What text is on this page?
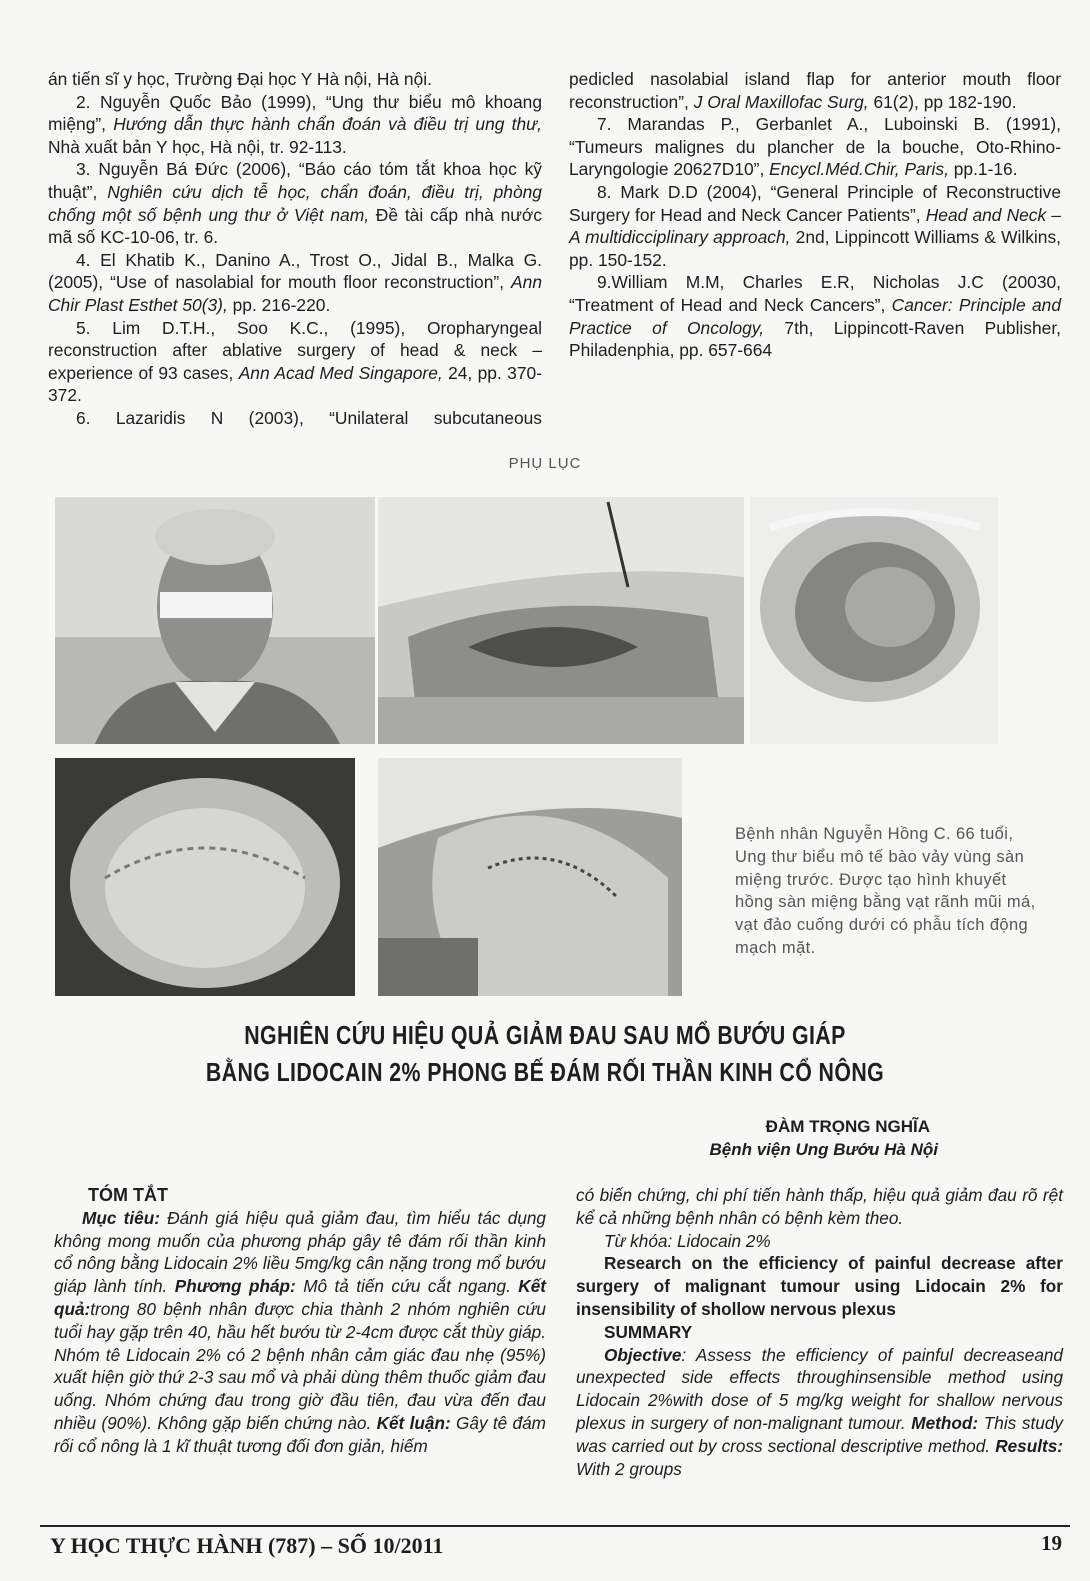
án tiến sĩ y học, Trường Đại học Y Hà nội, Hà nội.

2. Nguyễn Quốc Bảo (1999), “Ung thư biểu mô khoang miệng”, Hướng dẫn thực hành chẩn đoán và điều trị ung thư, Nhà xuất bản Y học, Hà nội, tr. 92-113.

3. Nguyễn Bá Đức (2006), “Báo cáo tóm tắt khoa học kỹ thuật”, Nghiên cứu dịch tễ học, chẩn đoán, điều trị, phòng chống một số bệnh ung thư ở Việt nam, Đề tài cấp nhà nước mã số KC-10-06, tr. 6.

4. El Khatib K., Danino A., Trost O., Jidal B., Malka G. (2005), “Use of nasolabial for mouth floor reconstruction”, Ann Chir Plast Esthet 50(3), pp. 216-220.

5. Lim D.T.H., Soo K.C., (1995), Oropharyngeal reconstruction after ablative surgery of head & neck – experience of 93 cases, Ann Acad Med Singapore, 24, pp. 370-372.

6. Lazaridis N (2003), “Unilateral subcutaneous

pedicled nasolabial island flap for anterior mouth floor reconstruction”, J Oral Maxillofac Surg, 61(2), pp 182-190.

7. Marandas P., Gerbanlet A., Luboinski B. (1991), “Tumeurs malignes du plancher de la bouche, Oto-Rhino-Laryngologie 20627D10”, Encycl.Méd.Chir, Paris, pp.1-16.

8. Mark D.D (2004), “General Principle of Reconstructive Surgery for Head and Neck Cancer Patients”, Head and Neck – A multidicciplinary approach, 2nd, Lippincott Williams & Wilkins, pp. 150-152.

9.William M.M, Charles E.R, Nicholas J.C (20030, “Treatment of Head and Neck Cancers”, Cancer: Principle and Practice of Oncology, 7th, Lippincott-Raven Publisher, Philadenphia, pp. 657-664

PHỤ LỤC
Bệnh nhân Nguyễn Hồng C. 66 tuổi, Ung thư biểu mô tế bào vảy vùng sàn miệng trước. Được tạo hình khuyết hồng sàn miệng bằng vạt rãnh mũi má, vạt đảo cuống dưới có phẫu tích động mạch mặt.
NGHIÊN CỨU HIỆU QUẢ GIẢM ĐAU SAU MỔ BƯỚU GIÁP
BẰNG LIDOCAIN 2% PHONG BẾ ĐÁM RỐI THẦN KINH CỔ NÔNG
ĐÀM TRỌNG NGHĨA
Bệnh viện Ung Bướu Hà Nội

TÓM TẮT

Mục tiêu: Đánh giá hiệu quả giảm đau, tìm hiểu tác dụng không mong muốn của phương pháp gây tê đám rối thần kinh cổ nông bằng Lidocain 2% liều 5mg/kg cân nặng trong mổ bướu giáp lành tính. Phương pháp: Mô tả tiến cứu cắt ngang. Kết quả:trong 80 bệnh nhân được chia thành 2 nhóm nghiên cứu tuổi hay gặp trên 40, hầu hết bướu từ 2-4cm được cắt thùy giáp. Nhóm tê Lidocain 2% có 2 bệnh nhân cảm giác đau nhẹ (95%) xuất hiện giờ thứ 2-3 sau mổ và phải dùng thêm thuốc giảm đau uống. Nhóm chứng đau trong giờ đầu tiên, đau vừa đến đau nhiều (90%). Không gặp biến chứng nào. Kết luận: Gây tê đám rối cổ nông là 1 kĩ thuật tương đối đơn giản, hiếm

có biến chứng, chi phí tiến hành thấp, hiệu quả giảm đau rõ rệt kể cả những bệnh nhân có bệnh kèm theo.

Từ khóa: Lidocain 2%

Research on the efficiency of painful decrease after surgery of malignant tumour using Lidocain 2% for insensibility of shollow nervous plexus

SUMMARY

Objective: Assess the efficiency of painful decreaseand unexpected side effects throughinsensible method using Lidocain 2%with dose of 5 mg/kg weight for shallow nervous plexus in surgery of non-malignant tumour. Method: This study was carried out by cross sectional descriptive method. Results: With 2 groups

Y HỌC THỰC HÀNH (787) – SỐ 10/2011	19
